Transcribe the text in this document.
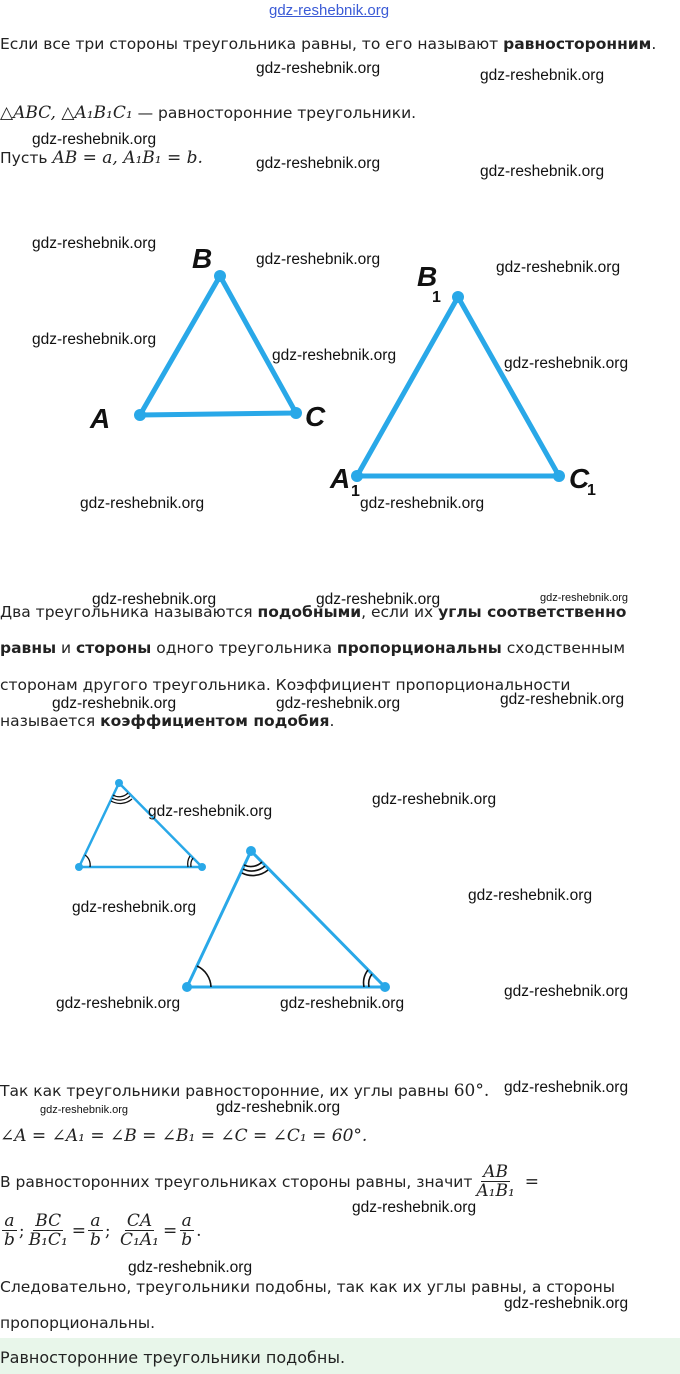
gdz-reshebnik.org
Если все три стороны треугольника равны, то его называют равносторонним.
△ABC, △A₁B₁C₁ — равносторонние треугольники.
Пусть AB = a, A₁B₁ = b.
A
B
C
A 1
B
1
C
1
Два треугольника называются подобными, если их углы соответственно
равны и стороны одного треугольника пропорциональны сходственным
сторонам другого треугольника. Коэффициент пропорциональности
называется коэффициентом подобия.
Так как треугольники равносторонние, их углы равны 60°.
∠A = ∠A₁ = ∠B = ∠B₁ = ∠C = ∠C₁ = 60°.
В равносторонних треугольниках стороны равны, значит $\frac{AB}{\text{A₁B₁}}$ =
$\frac{a}{b}$ ; $\frac{BC}{\text{B₁C₁}} = \frac{a}{b}$ ; $\frac{CA}{\text{C₁A₁}} = \frac{a}{b}$ .
Следовательно, треугольники подобны, так как их углы равны, а стороны
пропорциональны.
Равносторонние треугольники подобны.
gdz-reshebnik.org	gdz-reshebnik.org
gdz-reshebnik.org
gdz-reshebnik.org	gdz-reshebnik.org
gdz-reshebnik.org
gdz-reshebnik.org	gdz-reshebnik.org
gdz-reshebnik.org
gdz-reshebnik.org	gdz-reshebnik.org
gdz-reshebnik.org	gdz-reshebnik.org
gdz-reshebnik.org	gdz-reshebnik.org	gdz-reshebnik.org
gdz-reshebnik.org	gdz-reshebnik.org	gdz-reshebnik.org
gdz-reshebnik.org
gdz-reshebnik.org
gdz-reshebnik.org
gdz-reshebnik.org
gdz-reshebnik.org
gdz-reshebnik.org	gdz-reshebnik.org
gdz-reshebnik.org
gdz-reshebnik.org	gdz-reshebnik.org
gdz-reshebnik.org
gdz-reshebnik.org
gdz-reshebnik.org
